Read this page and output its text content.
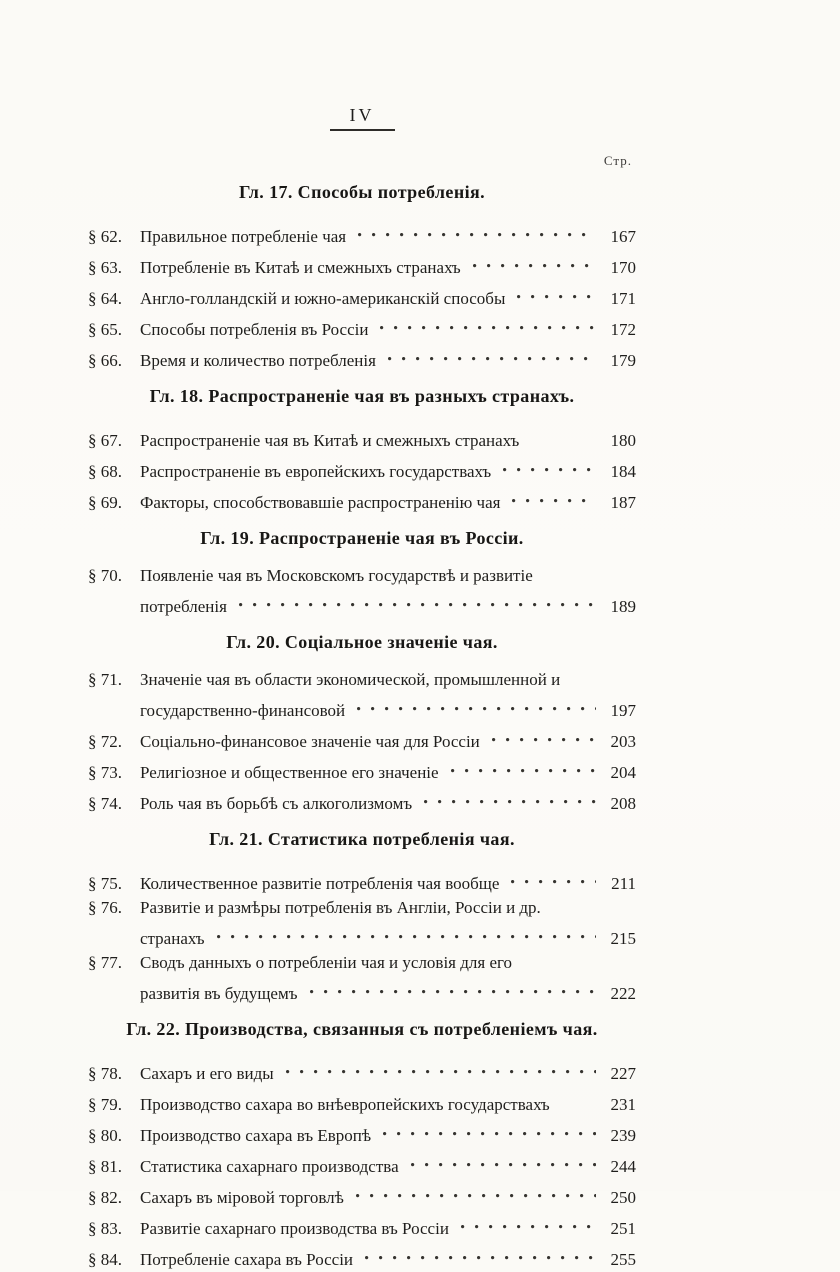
IV
Стр.
Гл. 17. Способы потребленія.
§ 62.	Правильное потребленіе чая	167
§ 63.	Потребленіе въ Китаѣ и смежныхъ странахъ	170
§ 64.	Англо-голландскій и южно-американскій способы	171
§ 65.	Способы потребленія въ Россіи	172
§ 66.	Время и количество потребленія	179
Гл. 18. Распространеніе чая въ разныхъ странахъ.
§ 67.	Распространеніе чая въ Китаѣ и смежныхъ странахъ	180
§ 68.	Распространеніе въ европейскихъ государствахъ	184
§ 69.	Факторы, способствовавшіе распространенію чая	187
Гл. 19. Распространеніе чая въ Россіи.
§ 70.	Появленіе чая въ Московскомъ государствѣ и развитіе
потребленія	189
Гл. 20. Соціальное значеніе чая.
§ 71.	Значеніе чая въ области экономической, промышленной и
государственно-финансовой	197
§ 72.	Соціально-финансовое значеніе чая для Россіи	203
§ 73.	Религіозное и общественное его значеніе	204
§ 74.	Роль чая въ борьбѣ съ алкоголизмомъ	208
Гл. 21. Статистика потребленія чая.
§ 75.	Количественное развитіе потребленія чая вообще	211
§ 76.	Развитіе и размѣры потребленія въ Англіи, Россіи и др.
странахъ	215
§ 77.	Сводъ данныхъ о потребленіи чая и условія для его
развитія въ будущемъ	222
Гл. 22. Производства, связанныя съ потребленіемъ чая.
§ 78.	Сахаръ и его виды	227
§ 79.	Производство сахара во внѣевропейскихъ государствахъ	231
§ 80.	Производство сахара въ Европѣ	239
§ 81.	Статистика сахарнаго производства	244
§ 82.	Сахаръ въ міровой торговлѣ	250
§ 83.	Развитіе сахарнаго производства въ Россіи	251
§ 84.	Потребленіе сахара въ Россіи	255
